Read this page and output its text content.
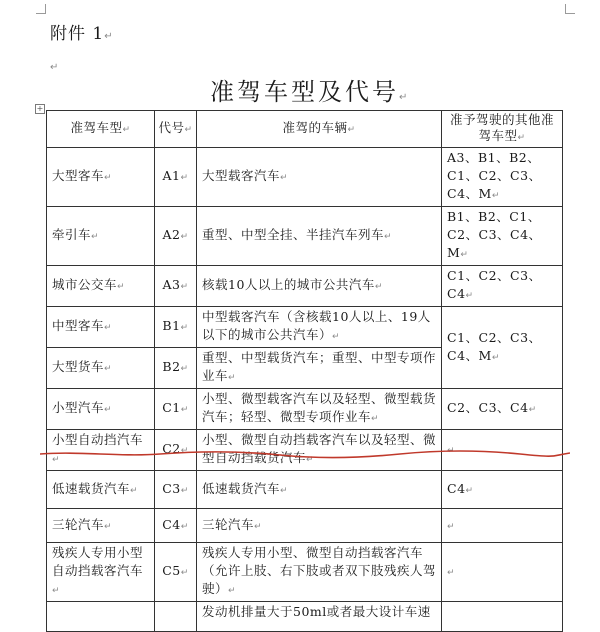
附件 1↵
↵
准驾车型及代号↵
+
准驾车型↵	代号↵	准驾的车辆↵	准予驾驶的其他准驾车型↵
大型客车↵	A1↵	大型载客汽车↵	A3、B1、B2、C1、C2、C3、C4、M↵
牵引车↵	A2↵	重型、中型全挂、半挂汽车列车↵	B1、B2、C1、C2、C3、C4、M↵
城市公交车↵	A3↵	核载10人以上的城市公共汽车↵	C1、C2、C3、C4↵
中型客车↵	B1↵	中型载客汽车（含核载10人以上、19人以下的城市公共汽车）↵	C1、C2、C3、C4、M↵
大型货车↵	B2↵	重型、中型载货汽车；重型、中型专项作业车↵	
小型汽车↵	C1↵	小型、微型载客汽车以及轻型、微型载货汽车；轻型、微型专项作业车↵	C2、C3、C4↵
小型自动挡汽车↵	C2↵	小型、微型自动挡载客汽车以及轻型、微型自动挡载货汽车↵	↵
低速载货汽车↵	C3↵	低速载货汽车↵	C4↵
三轮汽车↵	C4↵	三轮汽车↵	↵
残疾人专用小型自动挡载客汽车↵	C5↵	残疾人专用小型、微型自动挡载客汽车（允许上肢、右下肢或者双下肢残疾人驾驶）↵	↵
		发动机排量大于50ml或者最大设计车速	
